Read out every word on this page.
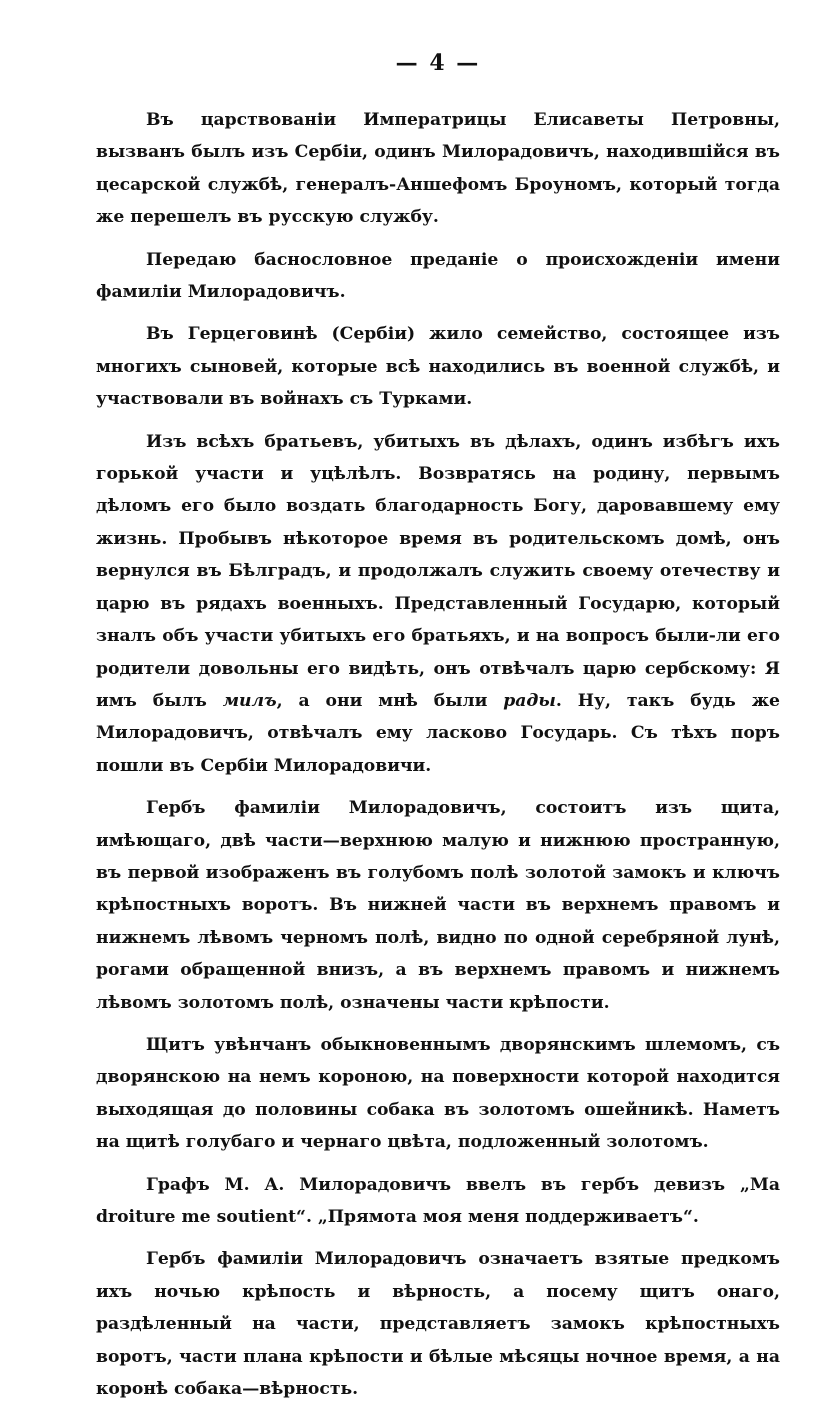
— 4 —

Въ царствованіи Императрицы Елисаветы Петровны, вызванъ былъ изъ Сербіи, одинъ Милорадовичъ, находившійся въ цесарской службѣ, генералъ-Аншефомъ Броуномъ, который тогда же перешелъ въ русскую службу.

Передаю баснословное преданіе о происхожденіи имени фамиліи Милорадовичъ.

Въ Герцеговинѣ (Сербіи) жило семейство, состоящее изъ многихъ сыновей, которые всѣ находились въ военной службѣ, и участвовали въ войнахъ съ Турками.

Изъ всѣхъ братьевъ, убитыхъ въ дѣлахъ, одинъ избѣгъ ихъ горькой участи и уцѣлѣлъ. Возвратясь на родину, первымъ дѣломъ его было воздать благодарность Богу, даровавшему ему жизнь. Пробывъ нѣкоторое время въ родительскомъ домѣ, онъ вернулся въ Бѣлградъ, и продолжалъ служить своему отечеству и царю въ рядахъ военныхъ. Представленный Государю, который зналъ объ участи убитыхъ его братьяхъ, и на вопросъ были-ли его родители довольны его видѣть, онъ отвѣчалъ царю сербскому: Я имъ былъ милъ, а они мнѣ были рады. Ну, такъ будь же Милорадовичъ, отвѣчалъ ему ласково Государь. Съ тѣхъ поръ пошли въ Сербіи Милорадовичи.

Гербъ фамиліи Милорадовичъ, состоитъ изъ щита, имѣющаго, двѣ части—верхнюю малую и нижнюю пространную, въ первой изображенъ въ голубомъ полѣ золотой замокъ и ключъ крѣпостныхъ воротъ. Въ нижней части въ верхнемъ правомъ и нижнемъ лѣвомъ черномъ полѣ, видно по одной серебряной лунѣ, рогами обращенной внизъ, а въ верхнемъ правомъ и нижнемъ лѣвомъ золотомъ полѣ, означены части крѣпости.

Щитъ увѣнчанъ обыкновеннымъ дворянскимъ шлемомъ, съ дворянскою на немъ короною, на поверхности которой находится выходящая до половины собака въ золотомъ ошейникѣ. Наметъ на щитѣ голубаго и чернаго цвѣта, подложенный золотомъ.

Графъ М. А. Милорадовичъ ввелъ въ гербъ девизъ „Ma droiture me soutient“. „Прямота моя меня поддерживаетъ“.

Гербъ фамиліи Милорадовичъ означаетъ взятые предкомъ ихъ ночью крѣпость и вѣрность, а посему щитъ онаго, раздѣленный на части, представляетъ замокъ крѣпостныхъ воротъ, части плана крѣпости и бѣлые мѣсяцы ночное время, а на коронѣ собака—вѣрность.
